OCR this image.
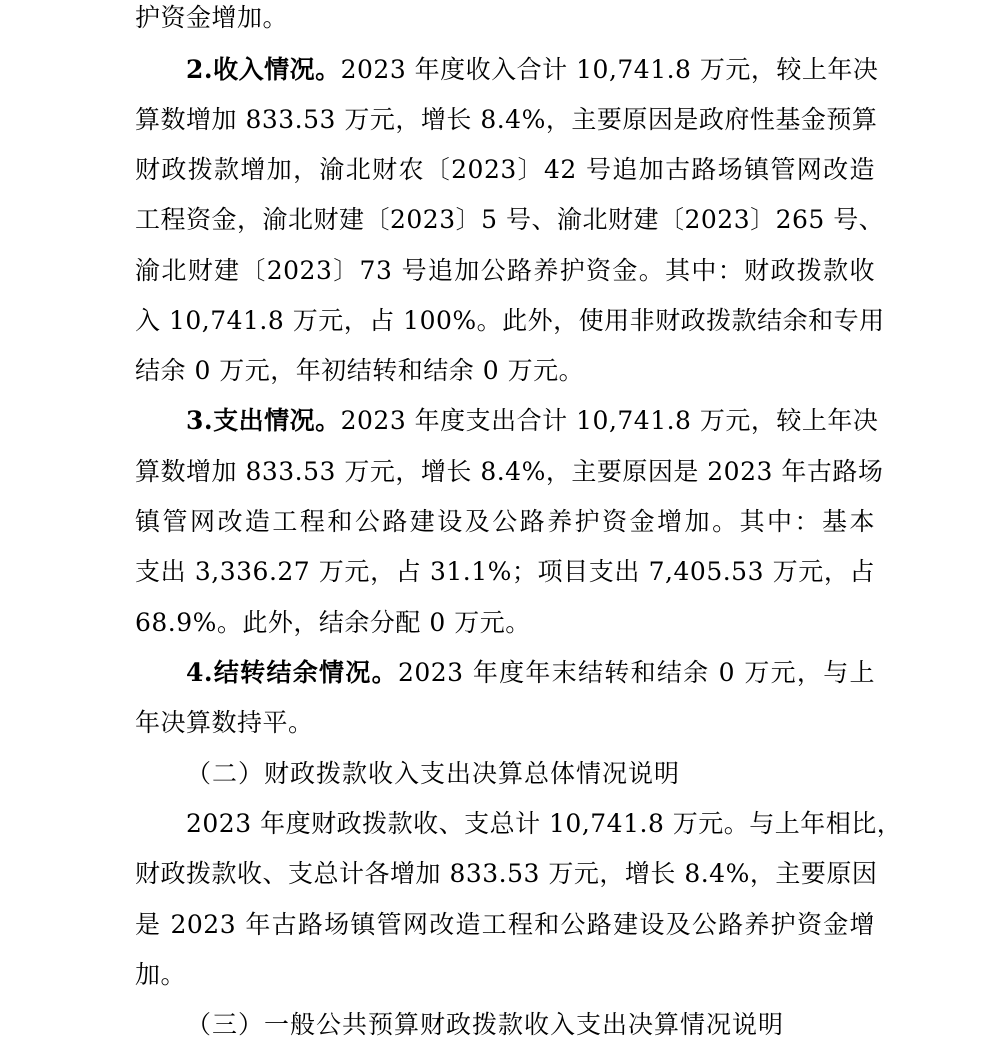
护资金增加。
2.收入情况。2023 年度收入合计 10,741.8 万元，较上年决
算数增加 833.53 万元，增长 8.4%，主要原因是政府性基金预算
财政拨款增加，渝北财农〔2023〕42 号追加古路场镇管网改造
工程资金，渝北财建〔2023〕5 号、渝北财建〔2023〕265 号、
渝北财建〔2023〕73 号追加公路养护资金。其中：财政拨款收
入 10,741.8 万元，占 100%。此外，使用非财政拨款结余和专用
结余 0 万元，年初结转和结余 0 万元。
3.支出情况。2023 年度支出合计 10,741.8 万元，较上年决
算数增加 833.53 万元，增长 8.4%，主要原因是 2023 年古路场
镇管网改造工程和公路建设及公路养护资金增加。其中：基本
支出 3,336.27 万元，占 31.1%；项目支出 7,405.53 万元，占
68.9%。此外，结余分配 0 万元。
4.结转结余情况。2023 年度年末结转和结余 0 万元，与上
年决算数持平。
（二）财政拨款收入支出决算总体情况说明
2023 年度财政拨款收、支总计 10,741.8 万元。与上年相比，
财政拨款收、支总计各增加 833.53 万元，增长 8.4%，主要原因
是 2023 年古路场镇管网改造工程和公路建设及公路养护资金增
加。
（三）一般公共预算财政拨款收入支出决算情况说明
